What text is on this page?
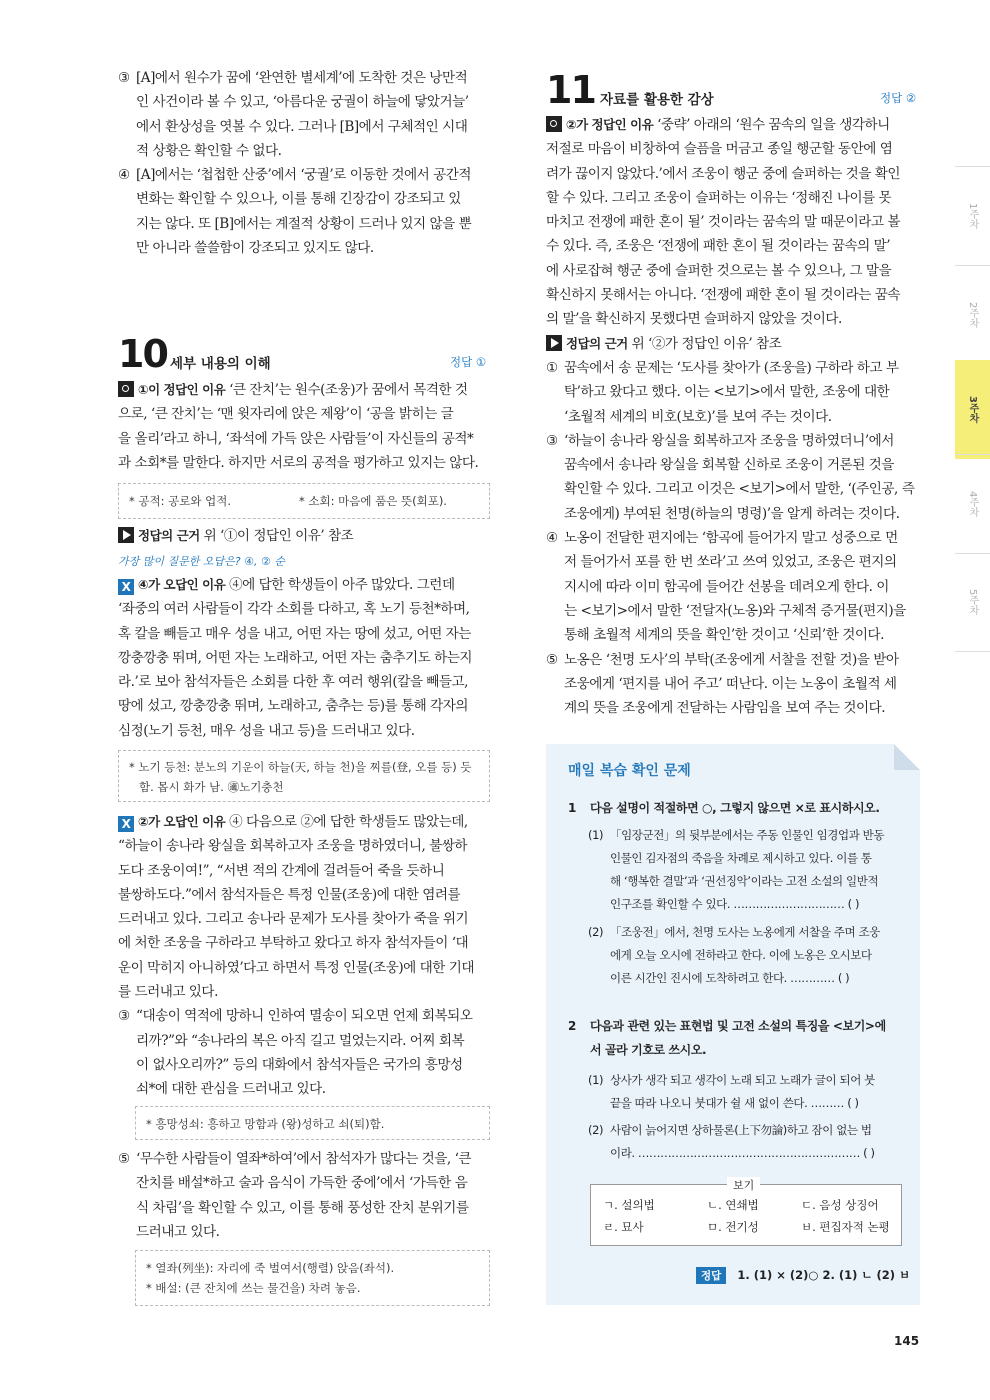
③ [A]에서 원수가 꿈에 ‘완연한 별세계’에 도착한 것은 낭만적
인 사건이라 볼 수 있고, ‘아름다운 궁궐이 하늘에 닿았거늘’
에서 환상성을 엿볼 수 있다. 그러나 [B]에서 구체적인 시대
적 상황은 확인할 수 없다.
④ [A]에서는 ‘첩첩한 산중’에서 ‘궁궐’로 이동한 것에서 공간적
변화는 확인할 수 있으나, 이를 통해 긴장감이 강조되고 있
지는 않다. 또 [B]에서는 계절적 상황이 드러나 있지 않을 뿐
만 아니라 쓸쓸함이 강조되고 있지도 않다.
10 세부 내용의 이해	정답 ①
①이 정답인 이유 ‘큰 잔치’는 원수(조웅)가 꿈에서 목격한 것
으로, ‘큰 잔치’는 ‘맨 윗자리에 앉은 제왕’이 ‘공을 밝히는 글
을 올리’라고 하니, ‘좌석에 가득 앉은 사람들’이 자신들의 공적*
과 소회*를 말한다. 하지만 서로의 공적을 평가하고 있지는 않다.
* 공적: 공로와 업적.	* 소회: 마음에 품은 뜻(회포).
정답의 근거 위 ‘①이 정답인 이유’ 참조
가장 많이 질문한 오답은? ④, ② 순
X ④가 오답인 이유 ④에 답한 학생들이 아주 많았다. 그런데
‘좌중의 여러 사람들이 각각 소회를 다하고, 혹 노기 등천*하며,
혹 칼을 빼들고 매우 성을 내고, 어떤 자는 땅에 섰고, 어떤 자는
깡충깡충 뛰며, 어떤 자는 노래하고, 어떤 자는 춤추기도 하는지
라.’로 보아 참석자들은 소회를 다한 후 여러 행위(칼을 빼들고,
땅에 섰고, 깡충깡충 뛰며, 노래하고, 춤추는 등)를 통해 각자의
심정(노기 등천, 매우 성을 내고 등)을 드러내고 있다.
* 노기 등천: 분노의 기운이 하늘(天, 하늘 천)을 찌를(登, 오를 등) 듯
함. 몹시 화가 남. ㊜노기충천
X ②가 오답인 이유 ④ 다음으로 ②에 답한 학생들도 많았는데,
“하늘이 송나라 왕실을 회복하고자 조웅을 명하였더니, 불쌍하
도다 조웅이여!”, “서변 적의 간계에 걸려들어 죽을 듯하니
불쌍하도다.”에서 참석자들은 특정 인물(조웅)에 대한 염려를
드러내고 있다. 그리고 송나라 문제가 도사를 찾아가 죽을 위기
에 처한 조웅을 구하라고 부탁하고 왔다고 하자 참석자들이 ‘대
운이 막히지 아니하였’다고 하면서 특정 인물(조웅)에 대한 기대
를 드러내고 있다.
③ “대송이 역적에 망하니 인하여 멸송이 되오면 언제 회복되오
리까?”와 “송나라의 복은 아직 길고 멀었는지라. 어찌 회복
이 없사오리까?” 등의 대화에서 참석자들은 국가의 흥망성
쇠*에 대한 관심을 드러내고 있다.
* 흥망성쇠: 흥하고 망함과 (왕)성하고 쇠(퇴)함.
⑤ ‘무수한 사람들이 열좌*하여’에서 참석자가 많다는 것을, ‘큰
잔치를 배설*하고 술과 음식이 가득한 중에’에서 ‘가득한 음
식 차림’을 확인할 수 있고, 이를 통해 풍성한 잔치 분위기를
드러내고 있다.
* 열좌(列坐): 자리에 죽 벌여서(행렬) 앉음(좌석).
* 배설: (큰 잔치에 쓰는 물건을) 차려 놓음.
11 자료를 활용한 감상	정답 ②
②가 정답인 이유 ‘중략’ 아래의 ‘원수 꿈속의 일을 생각하니
저절로 마음이 비창하여 슬픔을 머금고 종일 행군할 동안에 염
려가 끊이지 않았다.’에서 조웅이 행군 중에 슬퍼하는 것을 확인
할 수 있다. 그리고 조웅이 슬퍼하는 이유는 ‘정해진 나이를 못
마치고 전쟁에 패한 혼이 될’ 것이라는 꿈속의 말 때문이라고 볼
수 있다. 즉, 조웅은 ‘전쟁에 패한 혼이 될 것이라는 꿈속의 말’
에 사로잡혀 행군 중에 슬퍼한 것으로는 볼 수 있으나, 그 말을
확신하지 못해서는 아니다. ‘전쟁에 패한 혼이 될 것이라는 꿈속
의 말’을 확신하지 못했다면 슬퍼하지 않았을 것이다.
정답의 근거 위 ‘②가 정답인 이유’ 참조
① 꿈속에서 송 문제는 ‘도사를 찾아가 (조웅을) 구하라 하고 부
탁’하고 왔다고 했다. 이는 <보기>에서 말한, 조웅에 대한
‘초월적 세계의 비호(보호)’를 보여 주는 것이다.
③ ‘하늘이 송나라 왕실을 회복하고자 조웅을 명하였더니’에서
꿈속에서 송나라 왕실을 회복할 신하로 조웅이 거론된 것을
확인할 수 있다. 그리고 이것은 <보기>에서 말한, ‘(주인공, 즉
조웅에게) 부여된 천명(하늘의 명령)’을 알게 하려는 것이다.
④ 노옹이 전달한 편지에는 ‘함곡에 들어가지 말고 성중으로 먼
저 들어가서 포를 한 번 쏘라’고 쓰여 있었고, 조웅은 편지의
지시에 따라 이미 함곡에 들어간 선봉을 데려오게 한다. 이
는 <보기>에서 말한 ‘전달자(노옹)와 구체적 증거물(편지)을
통해 초월적 세계의 뜻을 확인’한 것이고 ‘신뢰’한 것이다.
⑤ 노옹은 ‘천명 도사’의 부탁(조웅에게 서찰을 전할 것)을 받아
조웅에게 ‘편지를 내어 주고’ 떠난다. 이는 노옹이 초월적 세
계의 뜻을 조웅에게 전달하는 사람임을 보여 주는 것이다.
매일 복습 확인 문제
1 다음 설명이 적절하면 ○, 그렇지 않으면 ×로 표시하시오.
(1) 「임장군전」의 뒷부분에서는 주동 인물인 임경업과 반동
인물인 김자점의 죽음을 차례로 제시하고 있다. 이를 통
해 ‘행복한 결말’과 ‘권선징악’이라는 고전 소설의 일반적
인구조를 확인할 수 있다. ………………………… ( )
(2) 「조웅전」에서, 천명 도사는 노옹에게 서찰을 주며 조웅
에게 오늘 오시에 전하라고 한다. 이에 노옹은 오시보다
이른 시간인 진시에 도착하려고 한다. ………… ( )
2	다음과 관련 있는 표현법 및 고전 소설의 특징을 <보기>에
서 골라 기호로 쓰시오.
(1) 상사가 생각 되고 생각이 노래 되고 노래가 글이 되어 붓
끝을 따라 나오니 붓대가 쉴 새 없이 쓴다. ……… ( )
(2) 사람이 늙어지면 상하물론(上下勿論)하고 잠이 없는 법
이라. …………………………………………………… ( )
보기
ㄱ. 설의법	ㄴ. 연쇄법	ㄷ. 음성 상징어
ㄹ. 묘사	ㅁ. 전기성	ㅂ. 편집자적 논평
정답 1. (1) × (2)○ 2. (1) ㄴ (2) ㅂ
1주차
2주차
3주차
4주차
5주차
145
